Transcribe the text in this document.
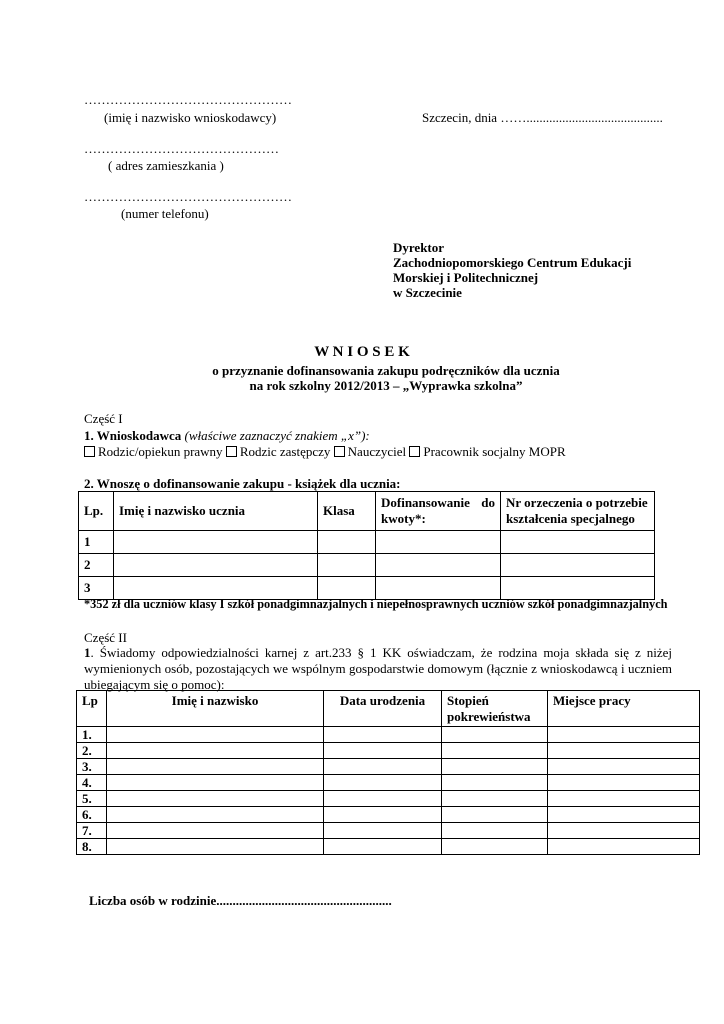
…………………………………………
(imię i nazwisko wnioskodawcy)	Szczecin, dnia ……..........................................
………………………………………
( adres zamieszkania )
…………………………………………
(numer telefonu)
Dyrektor
Zachodniopomorskiego Centrum Edukacji
Morskiej i Politechnicznej
w Szczecinie
W N I O S E K
o przyznanie dofinansowania zakupu podręczników dla ucznia
na rok szkolny 2012/2013 – „Wyprawka szkolna”
Część I
1. Wnioskodawca (właściwe zaznaczyć znakiem „x”):
Rodzic/opiekun prawny Rodzic zastępczy Nauczyciel Pracownik socjalny MOPR
2. Wnoszę o dofinansowanie zakupu - książek dla ucznia:
Lp.	Imię i nazwisko ucznia	Klasa	Dofinansowanie do kwoty*:	Nr orzeczenia o potrzebie kształcenia specjalnego
1				
2				
3				
*352 zł dla uczniów klasy I szkół ponadgimnazjalnych i niepełnosprawnych uczniów szkół ponadgimnazjalnych
Część II
1. Świadomy odpowiedzialności karnej z art.233 § 1 KK oświadczam, że rodzina moja składa się z niżej wymienionych osób, pozostających we wspólnym gospodarstwie domowym (łącznie z wnioskodawcą i uczniem ubiegającym się o pomoc):
Lp	Imię i nazwisko	Data urodzenia	Stopień pokrewieństwa	Miejsce pracy
1.				
2.				
3.				
4.				
5.				
6.				
7.				
8.				
Liczba osób w rodzinie......................................................
